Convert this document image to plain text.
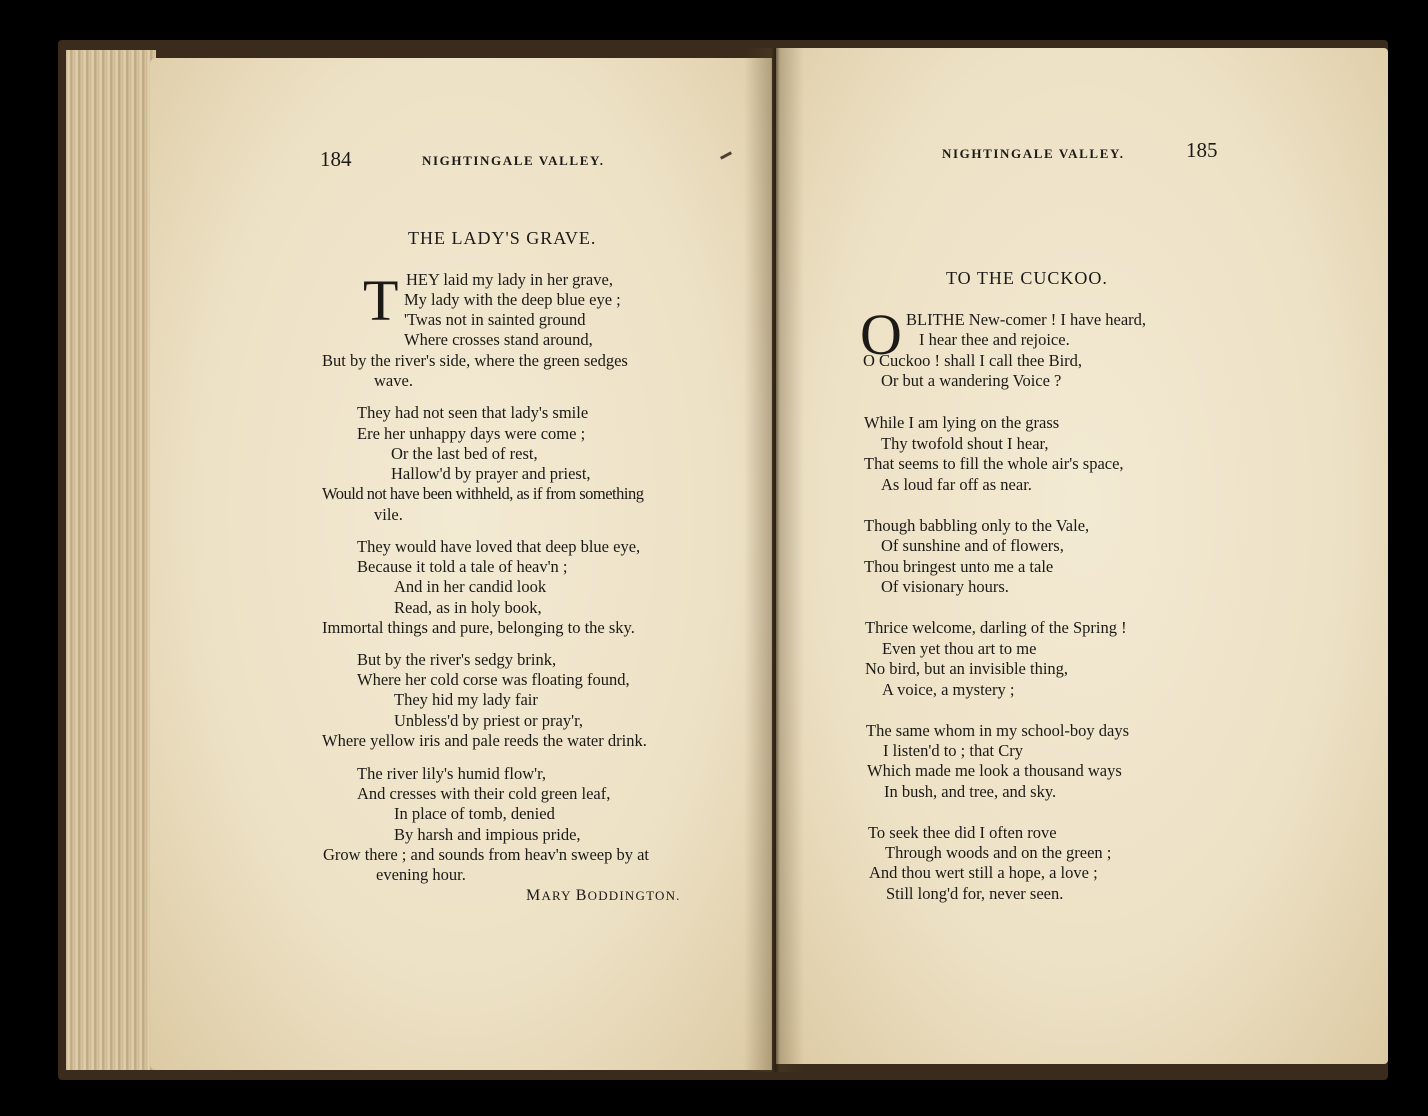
184	NIGHTINGALE VALLEY.
THE LADY'S GRAVE.
T HEY laid my lady in her grave,

My lady with the deep blue eye ;

'Twas not in sainted ground

Where crosses stand around,

But by the river's side, where the green sedges

wave.

They had not seen that lady's smile

Ere her unhappy days were come ;

Or the last bed of rest,

Hallow'd by prayer and priest,

Would not have been withheld, as if from something

vile.

They would have loved that deep blue eye,

Because it told a tale of heav'n ;

And in her candid look

Read, as in holy book,

Immortal things and pure, belonging to the sky.

But by the river's sedgy brink,

Where her cold corse was floating found,

They hid my lady fair

Unbless'd by priest or pray'r,

Where yellow iris and pale reeds the water drink.

The river lily's humid flow'r,

And cresses with their cold green leaf,

In place of tomb, denied

By harsh and impious pride,

Grow there ; and sounds from heav'n sweep by at

evening hour.

MARY BODDINGTON.
NIGHTINGALE VALLEY.	185
TO THE CUCKOO.
O BLITHE New-comer ! I have heard,

I hear thee and rejoice.

O Cuckoo ! shall I call thee Bird,

Or but a wandering Voice ?

While I am lying on the grass

Thy twofold shout I hear,

That seems to fill the whole air's space,

As loud far off as near.

Though babbling only to the Vale,

Of sunshine and of flowers,

Thou bringest unto me a tale

Of visionary hours.

Thrice welcome, darling of the Spring !

Even yet thou art to me

No bird, but an invisible thing,

A voice, a mystery ;

The same whom in my school-boy days

I listen'd to ; that Cry

Which made me look a thousand ways

In bush, and tree, and sky.

To seek thee did I often rove

Through woods and on the green ;

And thou wert still a hope, a love ;

Still long'd for, never seen.
